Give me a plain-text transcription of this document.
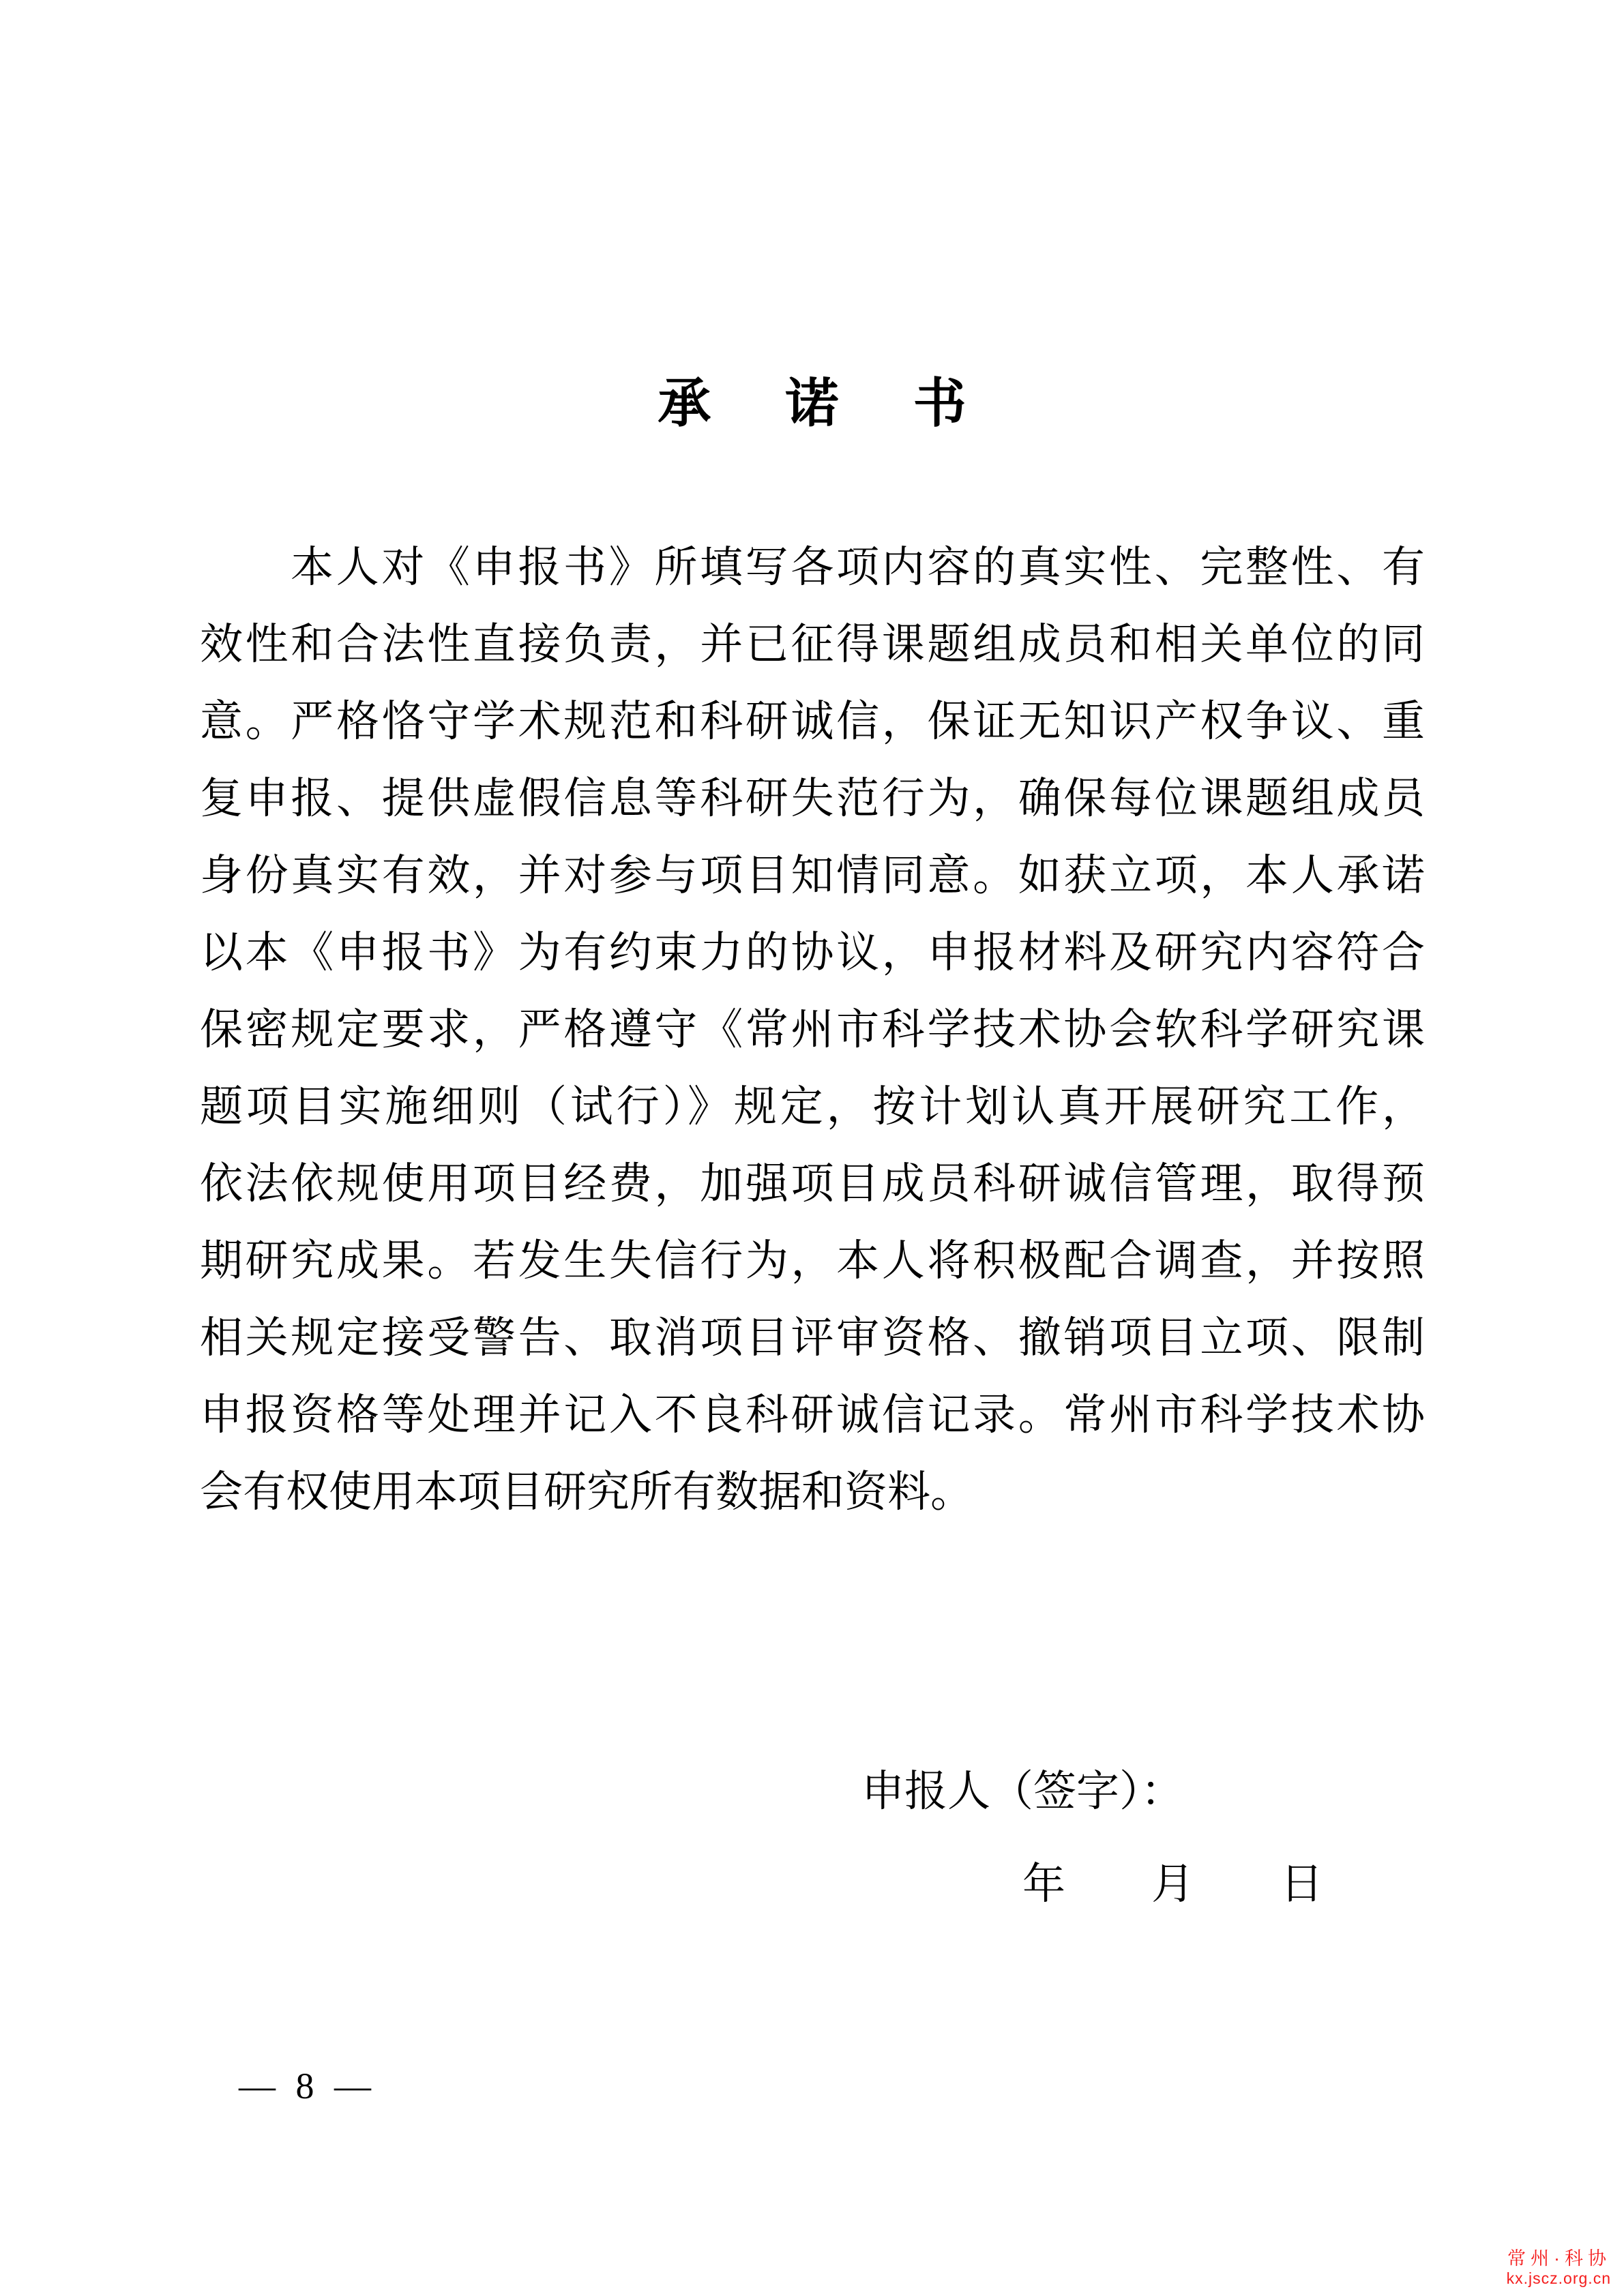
承　诺　书
本人对《申报书》所填写各项内容的真实性、完整性、有
效性和合法性直接负责，并已征得课题组成员和相关单位的同
意。严格恪守学术规范和科研诚信，保证无知识产权争议、重
复申报、提供虚假信息等科研失范行为，确保每位课题组成员
身份真实有效，并对参与项目知情同意。如获立项，本人承诺
以本《申报书》为有约束力的协议，申报材料及研究内容符合
保密规定要求，严格遵守《常州市科学技术协会软科学研究课
题项目实施细则（试行）》规定，按计划认真开展研究工作，
依法依规使用项目经费，加强项目成员科研诚信管理，取得预
期研究成果。若发生失信行为，本人将积极配合调查，并按照
相关规定接受警告、取消项目评审资格、撤销项目立项、限制
申报资格等处理并记入不良科研诚信记录。常州市科学技术协
会有权使用本项目研究所有数据和资料。
申报人（签字）：
年　　月　　日
— 8 —
常州·科协
kx.jscz.org.cn
